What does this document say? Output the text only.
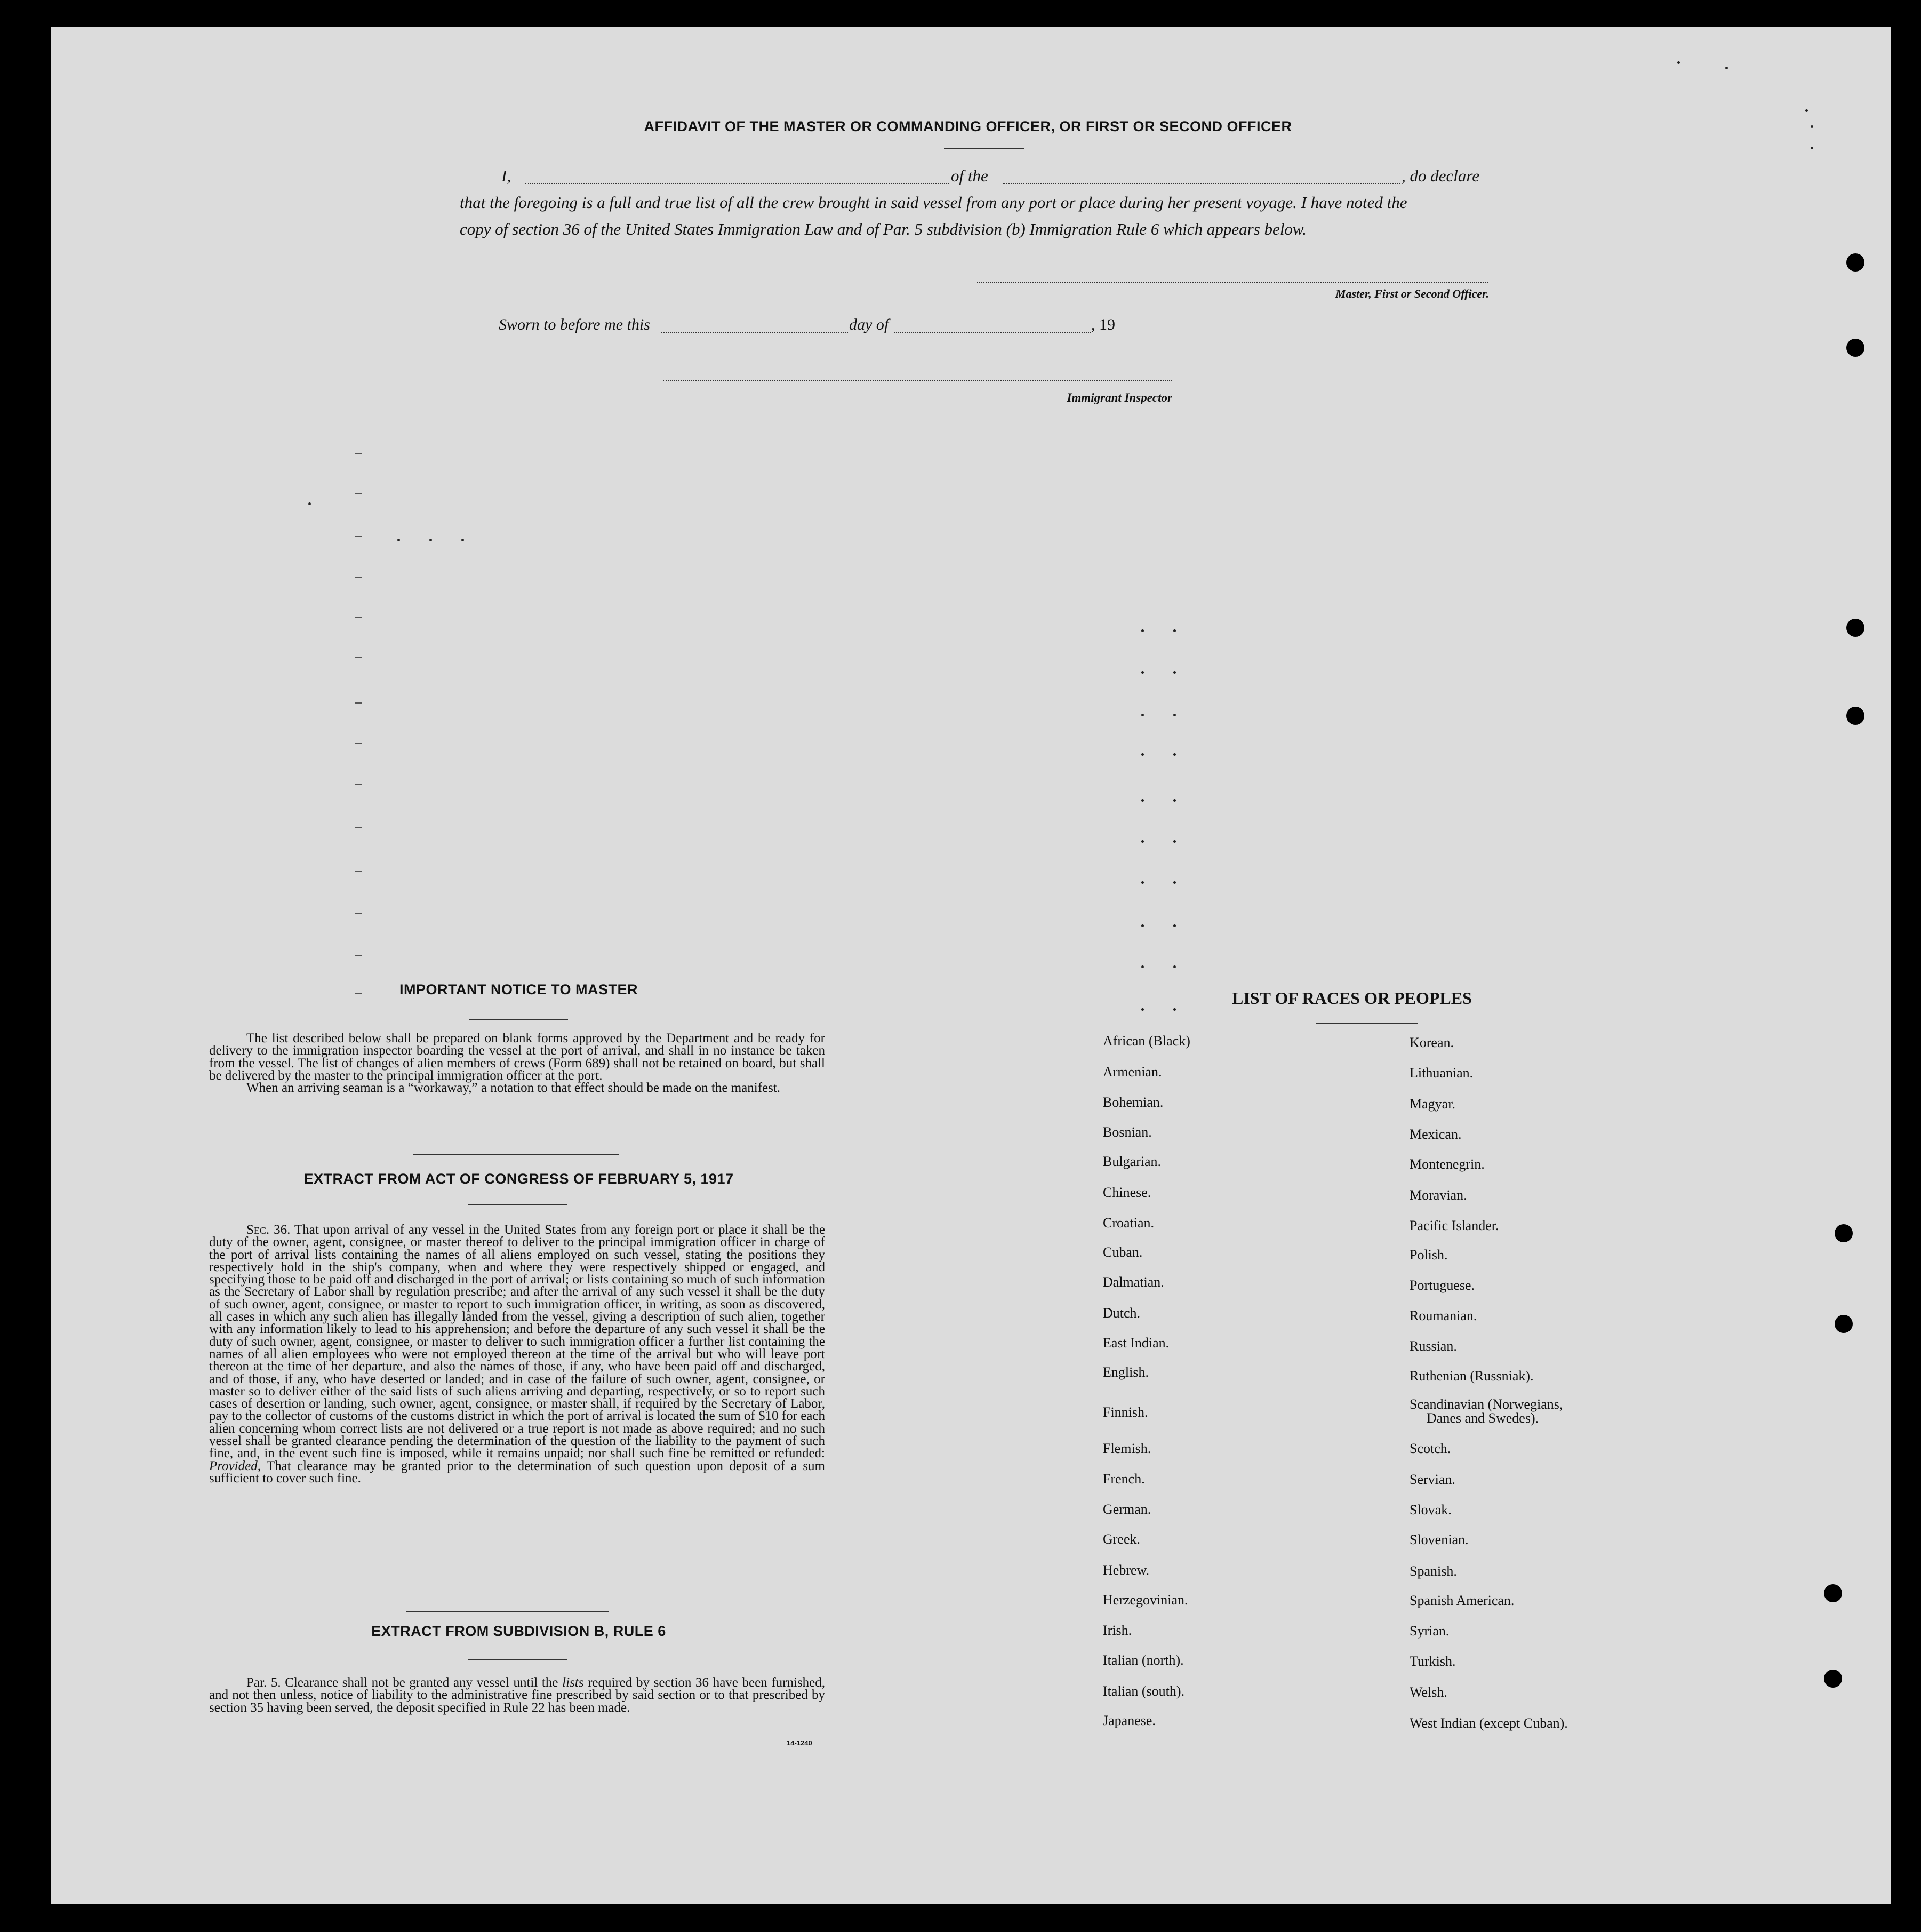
AFFIDAVIT OF THE MASTER OR COMMANDING OFFICER, OR FIRST OR SECOND OFFICER
I,	of the	, do declare
that the foregoing is a full and true list of all the crew brought in said vessel from any port or place during her present voyage. I have noted the
copy of section 36 of the United States Immigration Law and of Par. 5 subdivision (b) Immigration Rule 6 which appears below.
Master, First or Second Officer.
Sworn to before me this	day of	, 19
Immigrant Inspector
IMPORTANT NOTICE TO MASTER

The list described below shall be prepared on blank forms approved by the Department and be ready for delivery to the immigration inspector boarding the vessel at the port of arrival, and shall in no instance be taken from the vessel. The list of changes of alien members of crews (Form 689) shall not be retained on board, but shall be delivered by the master to the principal immigration officer at the port.

When an arriving seaman is a “workaway,” a notation to that effect should be made on the manifest.

EXTRACT FROM ACT OF CONGRESS OF FEBRUARY 5, 1917

Sec. 36. That upon arrival of any vessel in the United States from any foreign port or place it shall be the duty of the owner, agent, consignee, or master thereof to deliver to the principal immigration officer in charge of the port of arrival lists containing the names of all aliens employed on such vessel, stating the positions they respectively hold in the ship's company, when and where they were respectively shipped or engaged, and specifying those to be paid off and discharged in the port of arrival; or lists containing so much of such information as the Secretary of Labor shall by regulation prescribe; and after the arrival of any such vessel it shall be the duty of such owner, agent, consignee, or master to report to such immigration officer, in writing, as soon as discovered, all cases in which any such alien has illegally landed from the vessel, giving a description of such alien, together with any information likely to lead to his apprehension; and before the departure of any such vessel it shall be the duty of such owner, agent, consignee, or master to deliver to such immigration officer a further list containing the names of all alien employees who were not employed thereon at the time of the arrival but who will leave port thereon at the time of her departure, and also the names of those, if any, who have been paid off and discharged, and of those, if any, who have deserted or landed; and in case of the failure of such owner, agent, consignee, or master so to deliver either of the said lists of such aliens arriving and departing, respectively, or so to report such cases of desertion or landing, such owner, agent, consignee, or master shall, if required by the Secretary of Labor, pay to the collector of customs of the customs district in which the port of arrival is located the sum of $10 for each alien concerning whom correct lists are not delivered or a true report is not made as above required; and no such vessel shall be granted clearance pending the determination of the question of the liability to the payment of such fine, and, in the event such fine is imposed, while it remains unpaid; nor shall such fine be remitted or refunded: Provided, That clearance may be granted prior to the determination of such question upon deposit of a sum sufficient to cover such fine.

EXTRACT FROM SUBDIVISION B, RULE 6

Par. 5. Clearance shall not be granted any vessel until the lists required by section 36 have been furnished, and not then unless, notice of liability to the administrative fine prescribed by said section or to that prescribed by section 35 having been served, the deposit specified in Rule 22 has been made.

14-1240
LIST OF RACES OR PEOPLES
African (Black)
Armenian.
Bohemian.
Bosnian.
Bulgarian.
Chinese.
Croatian.
Cuban.
Dalmatian.
Dutch.
East Indian.
English.
Finnish.
Flemish.
French.
German.
Greek.
Hebrew.
Herzegovinian.
Irish.
Italian (north).
Italian (south).
Japanese.
Korean.
Lithuanian.
Magyar.
Mexican.
Montenegrin.
Moravian.
Pacific Islander.
Polish.
Portuguese.
Roumanian.
Russian.
Ruthenian (Russniak).
Scandinavian (Norwegians,
Scotch.
Servian.
Slovak.
Slovenian.
Spanish.
Spanish American.
Syrian.
Turkish.
Welsh.
West Indian (except Cuban).
Danes and Swedes).
